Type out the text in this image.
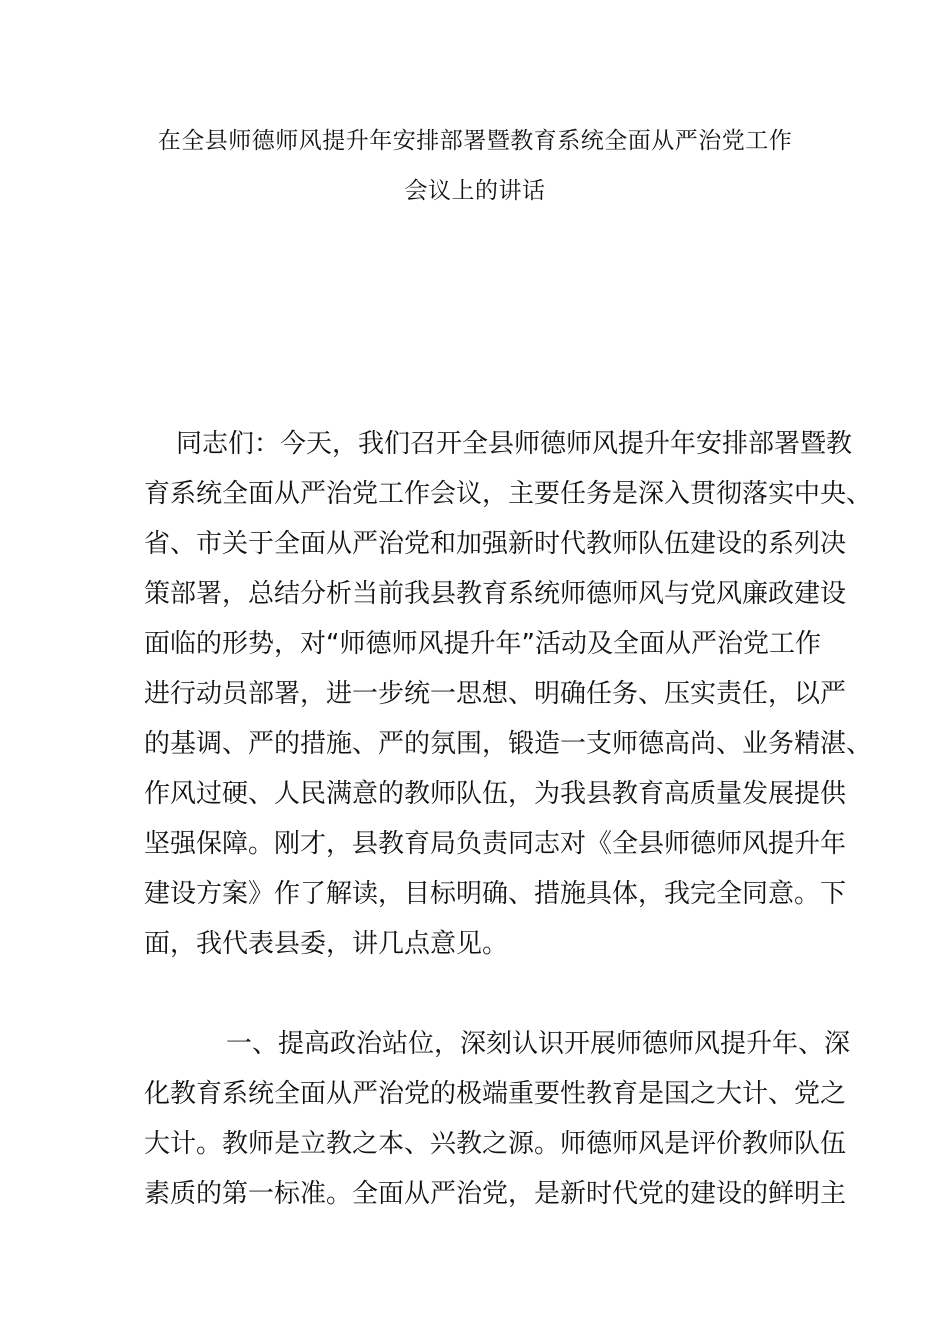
在全县师德师风提升年安排部署暨教育系统全面从严治党工作
会议上的讲话
同志们：今天，我们召开全县师德师风提升年安排部署暨教
育系统全面从严治党工作会议，主要任务是深入贯彻落实中央、
省、市关于全面从严治党和加强新时代教师队伍建设的系列决
策部署，总结分析当前我县教育系统师德师风与党风廉政建设
面临的形势，对“师德师风提升年”活动及全面从严治党工作
进行动员部署，进一步统一思想、明确任务、压实责任，以严
的基调、严的措施、严的氛围，锻造一支师德高尚、业务精湛、
作风过硬、人民满意的教师队伍，为我县教育高质量发展提供
坚强保障。刚才，县教育局负责同志对《全县师德师风提升年
建设方案》作了解读，目标明确、措施具体，我完全同意。下
面，我代表县委，讲几点意见。
一、提高政治站位，深刻认识开展师德师风提升年、深
化教育系统全面从严治党的极端重要性教育是国之大计、党之
大计。教师是立教之本、兴教之源。师德师风是评价教师队伍
素质的第一标准。全面从严治党，是新时代党的建设的鲜明主
